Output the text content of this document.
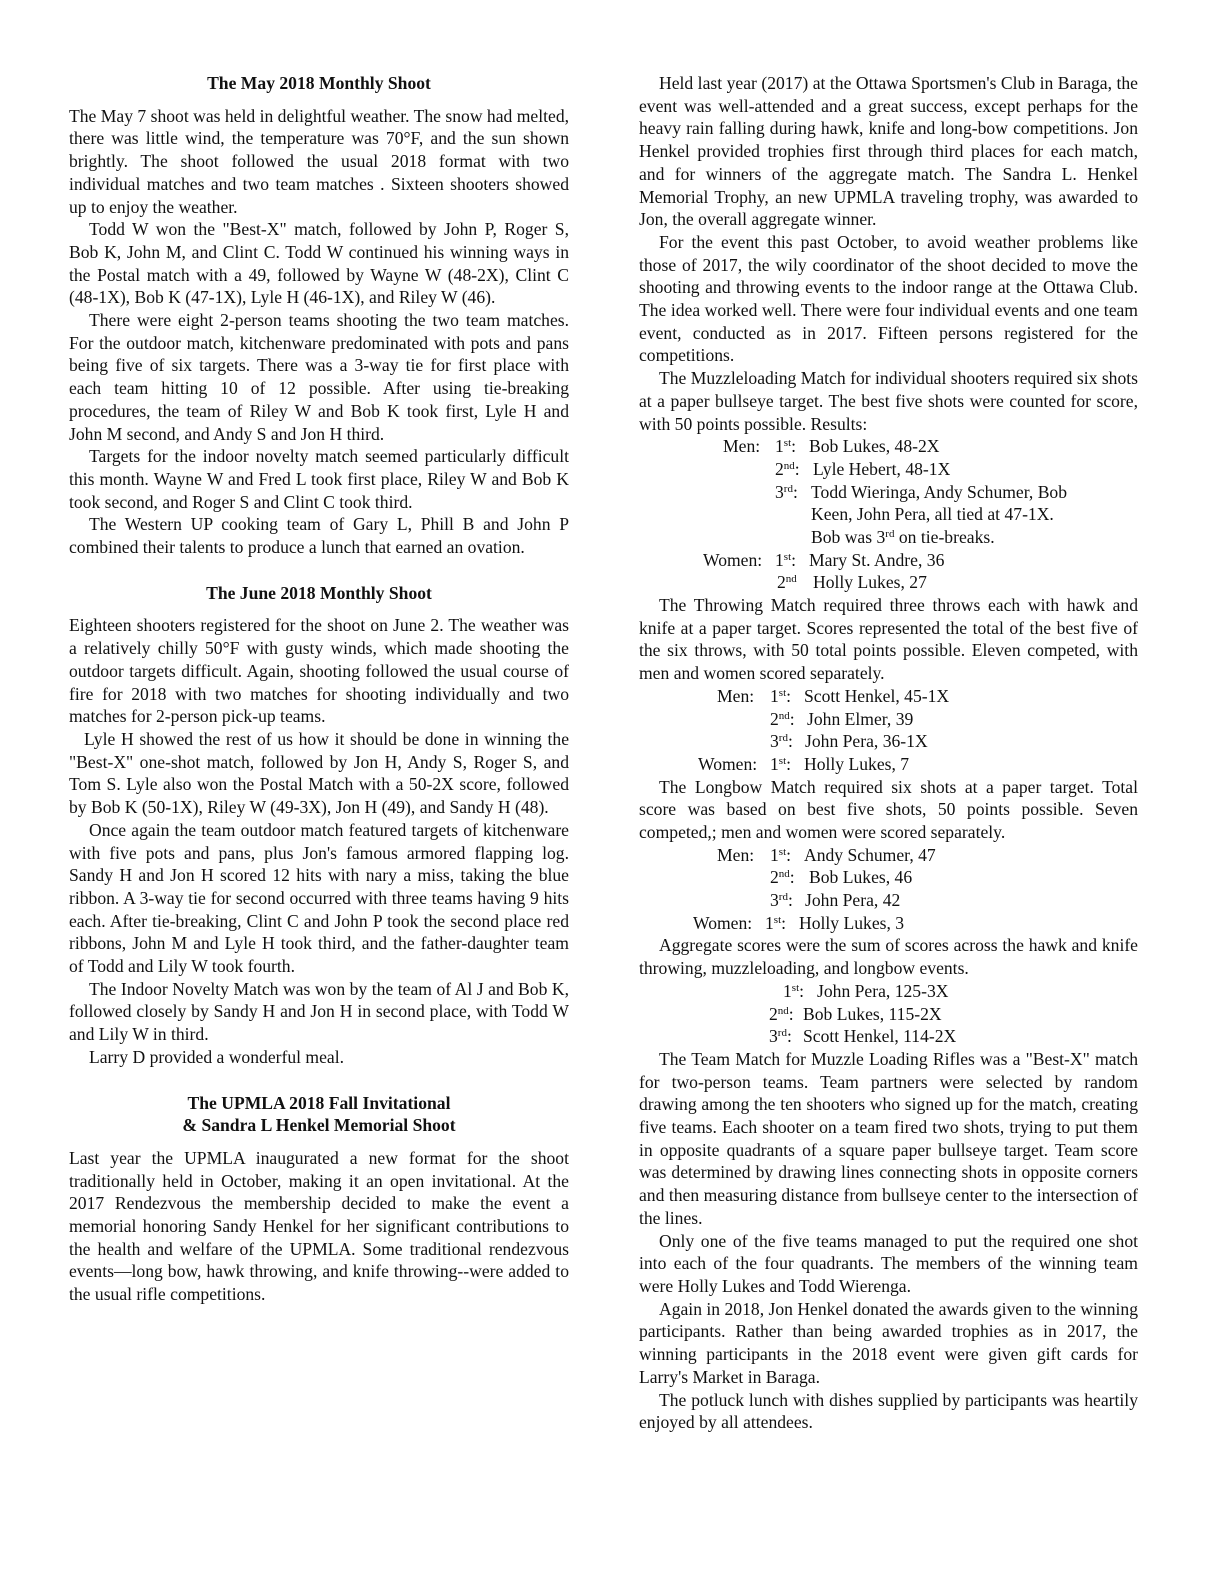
The May 2018 Monthly Shoot

The May 7 shoot was held in delightful weather. The snow had melted, there was little wind, the temperature was 70°F, and the sun shown brightly. The shoot followed the usual 2018 format with two individual matches and two team matches . Sixteen shooters showed up to enjoy the weather.

Todd W won the "Best-X" match, followed by John P, Roger S, Bob K, John M, and Clint C. Todd W continued his winning ways in the Postal match with a 49, followed by Wayne W (48-2X), Clint C (48-1X), Bob K (47-1X), Lyle H (46-1X), and Riley W (46).

There were eight 2-person teams shooting the two team matches. For the outdoor match, kitchenware predominated with pots and pans being five of six targets. There was a 3-way tie for first place with each team hitting 10 of 12 possible. After using tie-breaking procedures, the team of Riley W and Bob K took first, Lyle H and John M second, and Andy S and Jon H third.

Targets for the indoor novelty match seemed particularly difficult this month. Wayne W and Fred L took first place, Riley W and Bob K took second, and Roger S and Clint C took third.

The Western UP cooking team of Gary L, Phill B and John P combined their talents to produce a lunch that earned an ovation.

The June 2018 Monthly Shoot

Eighteen shooters registered for the shoot on June 2. The weather was a relatively chilly 50°F with gusty winds, which made shooting the outdoor targets difficult. Again, shooting followed the usual course of fire for 2018 with two matches for shooting individually and two matches for 2-person pick-up teams.

Lyle H showed the rest of us how it should be done in winning the "Best-X" one-shot match, followed by Jon H, Andy S, Roger S, and Tom S. Lyle also won the Postal Match with a 50-2X score, followed by Bob K (50-1X), Riley W (49-3X), Jon H (49), and Sandy H (48).

Once again the team outdoor match featured targets of kitchenware with five pots and pans, plus Jon's famous armored flapping log. Sandy H and Jon H scored 12 hits with nary a miss, taking the blue ribbon. A 3-way tie for second occurred with three teams having 9 hits each. After tie-breaking, Clint C and John P took the second place red ribbons, John M and Lyle H took third, and the father-daughter team of Todd and Lily W took fourth.

The Indoor Novelty Match was won by the team of Al J and Bob K, followed closely by Sandy H and Jon H in second place, with Todd W and Lily W in third.

Larry D provided a wonderful meal.

The UPMLA 2018 Fall Invitational
& Sandra L Henkel Memorial Shoot

Last year the UPMLA inaugurated a new format for the shoot traditionally held in October, making it an open invitational. At the 2017 Rendezvous the membership decided to make the event a memorial honoring Sandy Henkel for her significant contributions to the health and welfare of the UPMLA. Some traditional rendezvous events—long bow, hawk throwing, and knife throwing--were added to the usual rifle competitions.

Held last year (2017) at the Ottawa Sportsmen's Club in Baraga, the event was well-attended and a great success, except perhaps for the heavy rain falling during hawk, knife and long-bow competitions. Jon Henkel provided trophies first through third places for each match, and for winners of the aggregate match. The Sandra L. Henkel Memorial Trophy, an new UPMLA traveling trophy, was awarded to Jon, the overall aggregate winner.

For the event this past October, to avoid weather problems like those of 2017, the wily coordinator of the shoot decided to move the shooting and throwing events to the indoor range at the Ottawa Club. The idea worked well. There were four individual events and one team event, conducted as in 2017. Fifteen persons registered for the competitions.

The Muzzleloading Match for individual shooters required six shots at a paper bullseye target. The best five shots were counted for score, with 50 points possible. Results:

Men: 1st: Bob Lukes, 48-2X
2nd: Lyle Hebert, 48-1X
3rd: Todd Wieringa, Andy Schumer, Bob
Keen, John Pera, all tied at 47-1X.
Bob was 3rd on tie-breaks.
Women: 1st: Mary St. Andre, 36
2nd Holly Lukes, 27

The Throwing Match required three throws each with hawk and knife at a paper target. Scores represented the total of the best five of the six throws, with 50 total points possible. Eleven competed, with men and women scored separately.

Men: 1st: Scott Henkel, 45-1X
2nd: John Elmer, 39
3rd: John Pera, 36-1X
Women: 1st: Holly Lukes, 7

The Longbow Match required six shots at a paper target. Total score was based on best five shots, 50 points possible. Seven competed,; men and women were scored separately.

Men: 1st: Andy Schumer, 47
2nd: Bob Lukes, 46
3rd: John Pera, 42
Women: 1st: Holly Lukes, 3

Aggregate scores were the sum of scores across the hawk and knife throwing, muzzleloading, and longbow events.

1st: John Pera, 125-3X
2nd: Bob Lukes, 115-2X
3rd: Scott Henkel, 114-2X

The Team Match for Muzzle Loading Rifles was a "Best-X" match for two-person teams. Team partners were selected by random drawing among the ten shooters who signed up for the match, creating five teams. Each shooter on a team fired two shots, trying to put them in opposite quadrants of a square paper bullseye target. Team score was determined by drawing lines connecting shots in opposite corners and then measuring distance from bullseye center to the intersection of the lines.

Only one of the five teams managed to put the required one shot into each of the four quadrants. The members of the winning team were Holly Lukes and Todd Wierenga.

Again in 2018, Jon Henkel donated the awards given to the winning participants. Rather than being awarded trophies as in 2017, the winning participants in the 2018 event were given gift cards for Larry's Market in Baraga.

The potluck lunch with dishes supplied by participants was heartily enjoyed by all attendees.
